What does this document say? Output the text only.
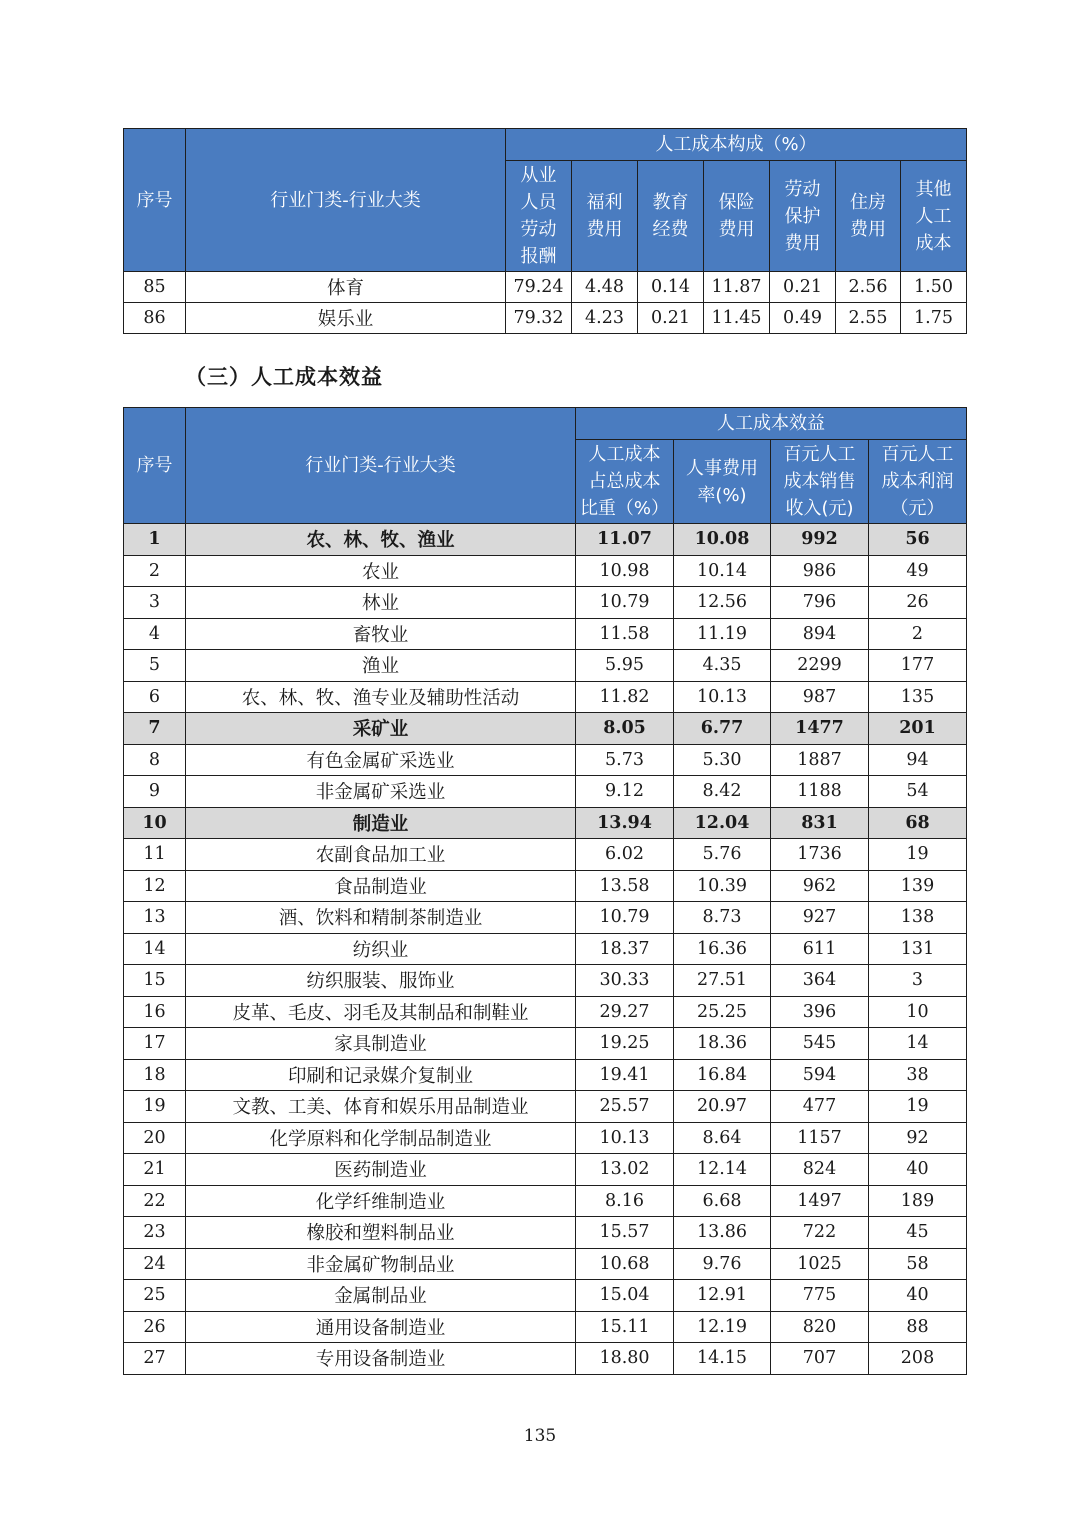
序号	行业门类-行业大类	人工成本构成（%）						
		从业
人员
劳动
报酬	福利
费用	教育
经费	保险
费用	劳动
保护
费用	住房
费用	其他
人工
成本
85	体育	79.24	4.48	0.14	11.87	0.21	2.56	1.50
86	娱乐业	79.32	4.23	0.21	11.45	0.49	2.55	1.75
（三）人工成本效益
序号	行业门类-行业大类	人工成本效益			
		人工成本
占总成本
比重（%）	人事费用
率(%)	百元人工
成本销售
收入(元)	百元人工
成本利润
（元）
1	农、林、牧、渔业	11.07	10.08	992	56
2	农业	10.98	10.14	986	49
3	林业	10.79	12.56	796	26
4	畜牧业	11.58	11.19	894	2
5	渔业	5.95	4.35	2299	177
6	农、林、牧、渔专业及辅助性活动	11.82	10.13	987	135
7	采矿业	8.05	6.77	1477	201
8	有色金属矿采选业	5.73	5.30	1887	94
9	非金属矿采选业	9.12	8.42	1188	54
10	制造业	13.94	12.04	831	68
11	农副食品加工业	6.02	5.76	1736	19
12	食品制造业	13.58	10.39	962	139
13	酒、饮料和精制茶制造业	10.79	8.73	927	138
14	纺织业	18.37	16.36	611	131
15	纺织服装、服饰业	30.33	27.51	364	3
16	皮革、毛皮、羽毛及其制品和制鞋业	29.27	25.25	396	10
17	家具制造业	19.25	18.36	545	14
18	印刷和记录媒介复制业	19.41	16.84	594	38
19	文教、工美、体育和娱乐用品制造业	25.57	20.97	477	19
20	化学原料和化学制品制造业	10.13	8.64	1157	92
21	医药制造业	13.02	12.14	824	40
22	化学纤维制造业	8.16	6.68	1497	189
23	橡胶和塑料制品业	15.57	13.86	722	45
24	非金属矿物制品业	10.68	9.76	1025	58
25	金属制品业	15.04	12.91	775	40
26	通用设备制造业	15.11	12.19	820	88
27	专用设备制造业	18.80	14.15	707	208
135
